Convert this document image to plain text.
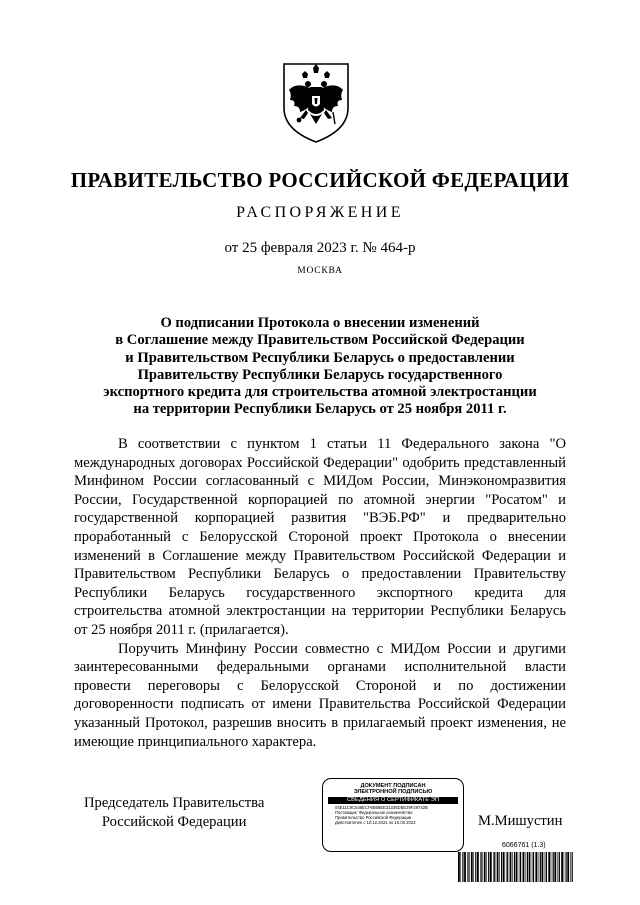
ПРАВИТЕЛЬСТВО РОССИЙСКОЙ ФЕДЕРАЦИИ
РАСПОРЯЖЕНИЕ
от 25 февраля 2023 г. № 464-р
МОСКВА
О подписании Протокола о внесении изменений
в Соглашение между Правительством Российской Федерации
и Правительством Республики Беларусь о предоставлении
Правительству Республики Беларусь государственного
экспортного кредита для строительства атомной электростанции
на территории Республики Беларусь от 25 ноября 2011 г.

В соответствии с пунктом 1 статьи 11 Федерального закона "О международных договорах Российской Федерации" одобрить представленный Минфином России согласованный с МИДом России, Минэкономразвития России, Государственной корпорацией по атомной энергии "Росатом" и государственной корпорацией развития "ВЭБ.РФ" и предварительно проработанный с Белорусской Стороной проект Протокола о внесении изменений в Соглашение между Правительством Российской Федерации и Правительством Республики Беларусь о предоставлении Правительству Республики Беларусь государственного экспортного кредита для строительства атомной электростанции на территории Республики Беларусь от 25 ноября 2011 г. (прилагается).

Поручить Минфину России совместно с МИДом России и другими заинтересованными федеральными органами исполнительной власти провести переговоры с Белорусской Стороной и по достижении договоренности подписать от имени Правительства Российской Федерации указанный Протокол, разрешив вносить в прилагаемый проект изменения, не имеющие принципиального характера.

Председатель Правительства
Российской Федерации
ДОКУМЕНТ ПОДПИСАН
ЭЛЕКТРОННОЙ ПОДПИСЬЮ
СВЕДЕНИЯ О СЕРТИФИКАТЕ ЭП
04E11C9C546ECF6B68EE31335DBE39F29742B
Поставщик: Федеральное казначейство
Правительство Российской Федерации
Действителен с 10.12.2021 по 10.03.2023	М.Мишустин
6066761 (1.3)
